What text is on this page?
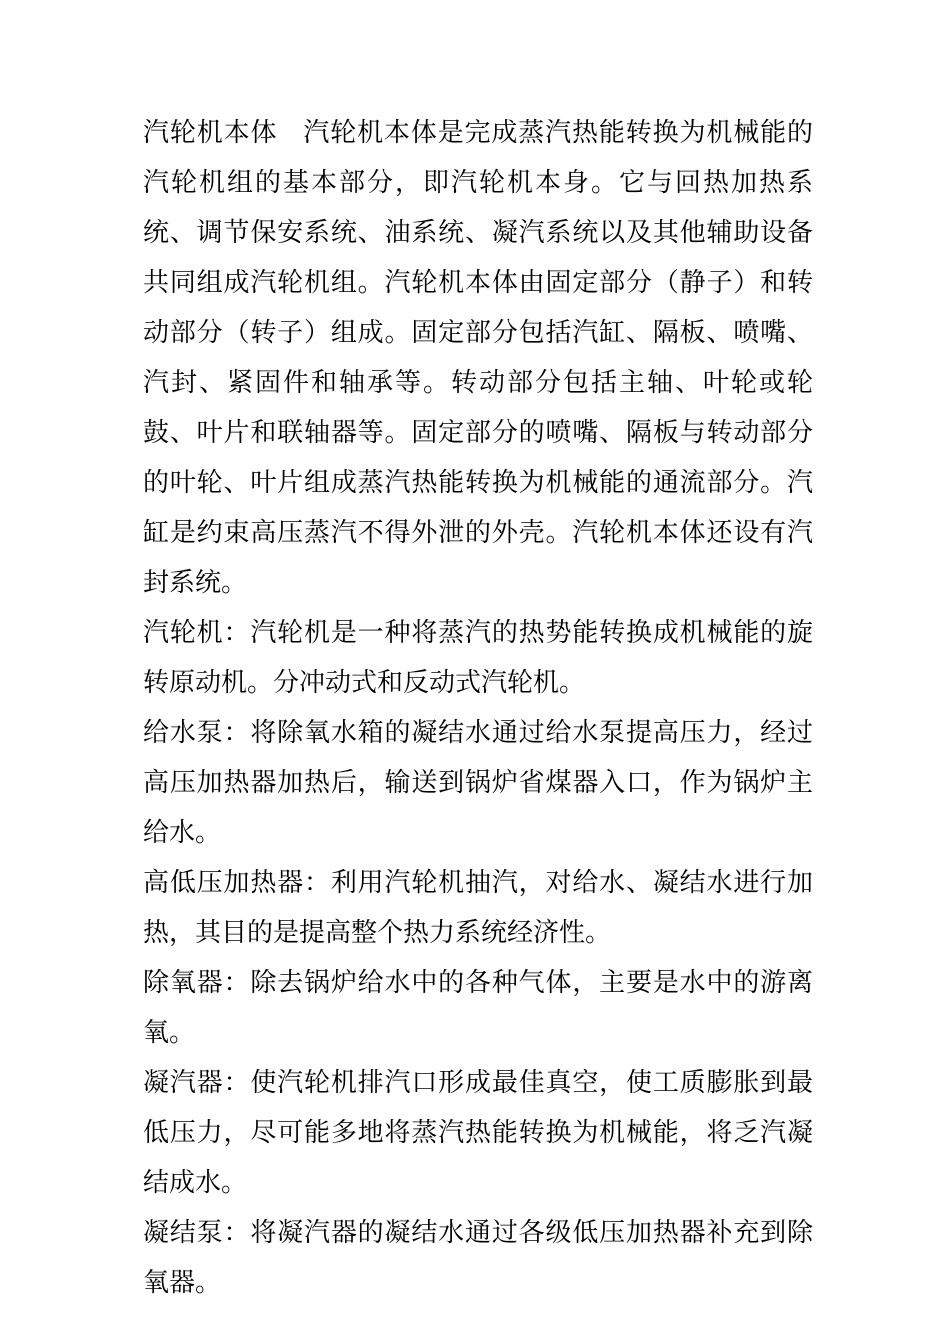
汽轮机本体 汽轮机本体是完成蒸汽热能转换为机械能的汽轮机组的基本部分，即汽轮机本身。它与回热加热系统、调节保安系统、油系统、凝汽系统以及其他辅助设备共同组成汽轮机组。汽轮机本体由固定部分（静子）和转动部分（转子）组成。固定部分包括汽缸、隔板、喷嘴、汽封、紧固件和轴承等。转动部分包括主轴、叶轮或轮鼓、叶片和联轴器等。固定部分的喷嘴、隔板与转动部分的叶轮、叶片组成蒸汽热能转换为机械能的通流部分。汽缸是约束高压蒸汽不得外泄的外壳。汽轮机本体还设有汽封系统。

汽轮机：汽轮机是一种将蒸汽的热势能转换成机械能的旋转原动机。分冲动式和反动式汽轮机。

给水泵：将除氧水箱的凝结水通过给水泵提高压力，经过高压加热器加热后，输送到锅炉省煤器入口，作为锅炉主给水。

高低压加热器：利用汽轮机抽汽，对给水、凝结水进行加热，其目的是提高整个热力系统经济性。

除氧器：除去锅炉给水中的各种气体，主要是水中的游离氧。

凝汽器：使汽轮机排汽口形成最佳真空，使工质膨胀到最低压力，尽可能多地将蒸汽热能转换为机械能，将乏汽凝结成水。

凝结泵：将凝汽器的凝结水通过各级低压加热器补充到除氧器。
